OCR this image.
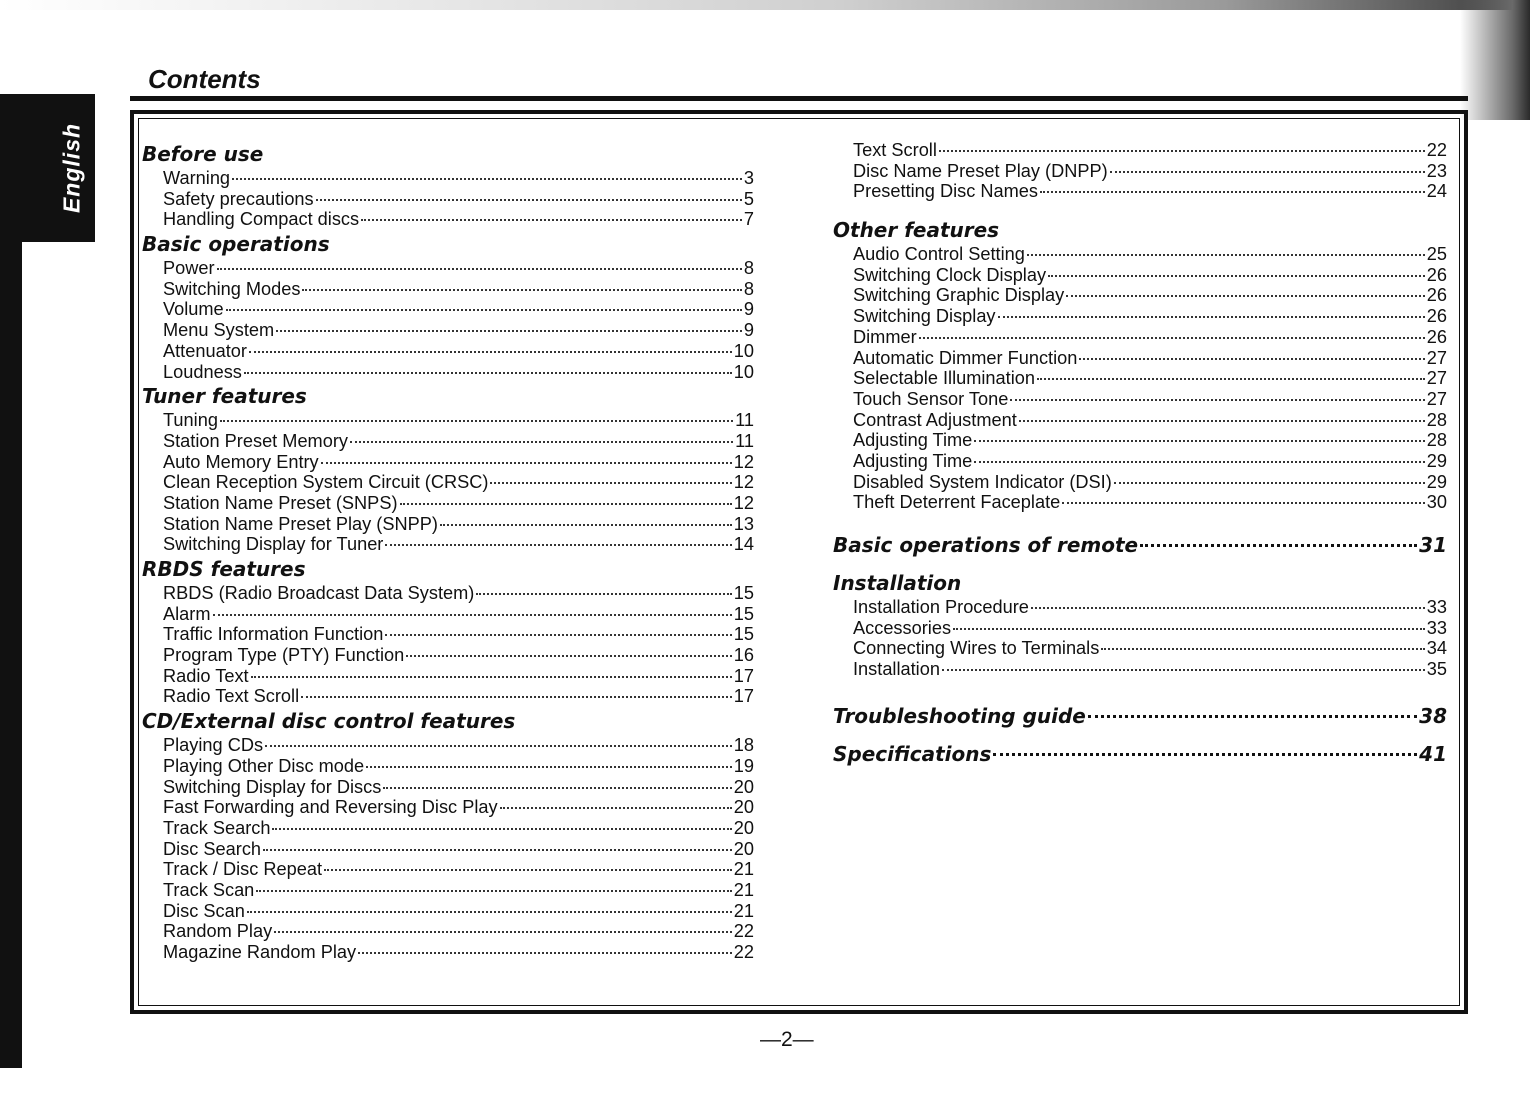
English
Contents
Before use
Warning	3
Safety precautions	5
Handling Compact discs	7
Basic operations
Power	8
Switching Modes	8
Volume	9
Menu System	9
Attenuator	10
Loudness	10
Tuner features
Tuning	11
Station Preset Memory	11
Auto Memory Entry	12
Clean Reception System Circuit (CRSC)	12
Station Name Preset (SNPS)	12
Station Name Preset Play (SNPP)	13
Switching Display for Tuner	14
RBDS features
RBDS (Radio Broadcast Data System)	15
Alarm	15
Traffic Information Function	15
Program Type (PTY) Function	16
Radio Text	17
Radio Text Scroll	17
CD/External disc control features
Playing CDs	18
Playing Other Disc mode	19
Switching Display for Discs	20
Fast Forwarding and Reversing Disc Play	20
Track Search	20
Disc Search	20
Track / Disc Repeat	21
Track Scan	21
Disc Scan	21
Random Play	22
Magazine Random Play	22
Text Scroll	22
Disc Name Preset Play (DNPP)	23
Presetting Disc Names	24
Other features
Audio Control Setting	25
Switching Clock Display	26
Switching Graphic Display	26
Switching Display	26
Dimmer	26
Automatic Dimmer Function	27
Selectable Illumination	27
Touch Sensor Tone	27
Contrast Adjustment	28
Adjusting Time	28
Adjusting Time	29
Disabled System Indicator (DSI)	29
Theft Deterrent Faceplate	30
Basic operations of remote	31
Installation
Installation Procedure	33
Accessories	33
Connecting Wires to Terminals	34
Installation	35
Troubleshooting guide	38
Specifications	41
—2—
